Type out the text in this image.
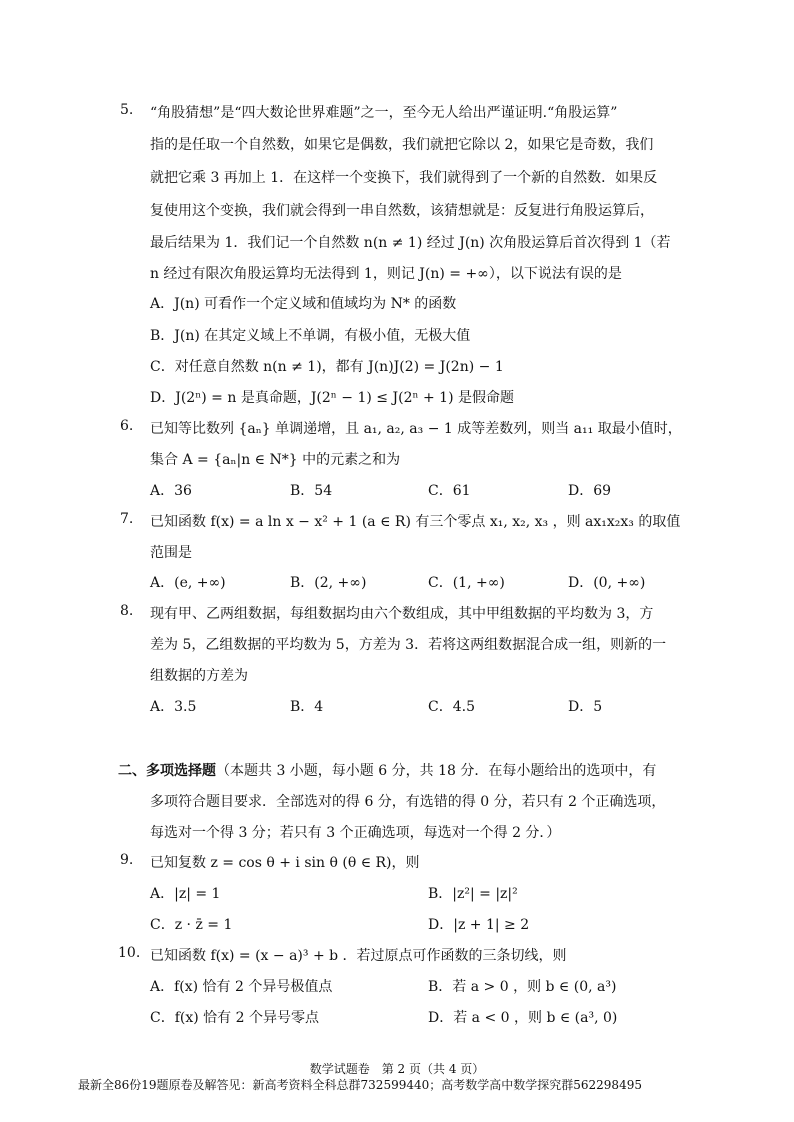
5. “角股猜想”是“四大数论世界难题”之一，至今无人给出严谨证明.“角股运算”
指的是任取一个自然数，如果它是偶数，我们就把它除以 2，如果它是奇数，我们
就把它乘 3 再加上 1．在这样一个变换下，我们就得到了一个新的自然数．如果反
复使用这个变换，我们就会得到一串自然数，该猜想就是：反复进行角股运算后，
最后结果为 1．我们记一个自然数 n(n ≠ 1) 经过 J(n) 次角股运算后首次得到 1（若
n 经过有限次角股运算均无法得到 1，则记 J(n) = +∞），以下说法有误的是
A．J(n) 可看作一个定义域和值域均为 N* 的函数
B．J(n) 在其定义域上不单调，有极小值，无极大值
C．对任意自然数 n(n ≠ 1)，都有 J(n)J(2) = J(2n) − 1
D．J(2ⁿ) = n 是真命题，J(2ⁿ − 1) ≤ J(2ⁿ + 1) 是假命题
6. 已知等比数列 {aₙ} 单调递增，且 a₁, a₂, a₃ − 1 成等差数列，则当 a₁₁ 取最小值时，
集合 A = {aₙ|n ∈ N*} 中的元素之和为
A．36	B．54	C．61	D．69
7. 已知函数 f(x) = a ln x − x² + 1 (a ∈ R) 有三个零点 x₁, x₂, x₃ ，则 ax₁x₂x₃ 的取值
范围是
A．(e, +∞)	B．(2, +∞)	C．(1, +∞)	D．(0, +∞)
8. 现有甲、乙两组数据，每组数据均由六个数组成，其中甲组数据的平均数为 3，方
差为 5，乙组数据的平均数为 5，方差为 3．若将这两组数据混合成一组，则新的一
组数据的方差为
A．3.5	B．4	C．4.5	D．5
二、多项选择题（本题共 3 小题，每小题 6 分，共 18 分．在每小题给出的选项中，有
多项符合题目要求．全部选对的得 6 分，有选错的得 0 分，若只有 2 个正确选项，
每选对一个得 3 分；若只有 3 个正确选项，每选对一个得 2 分．）
9. 已知复数 z = cos θ + i sin θ (θ ∈ R)，则
A．|z| = 1	B．|z²| = |z|²
C．z · z̄ = 1	D．|z + 1| ≥ 2
10. 已知函数 f(x) = (x − a)³ + b ．若过原点可作函数的三条切线，则
A．f(x) 恰有 2 个异号极值点	B．若 a > 0 ，则 b ∈ (0, a³)
C．f(x) 恰有 2 个异号零点	D．若 a < 0 ，则 b ∈ (a³, 0)
数学试题卷　第 2 页（共 4 页）
最新全86份19题原卷及解答见：新高考资料全科总群732599440；高考数学高中数学探究群562298495
